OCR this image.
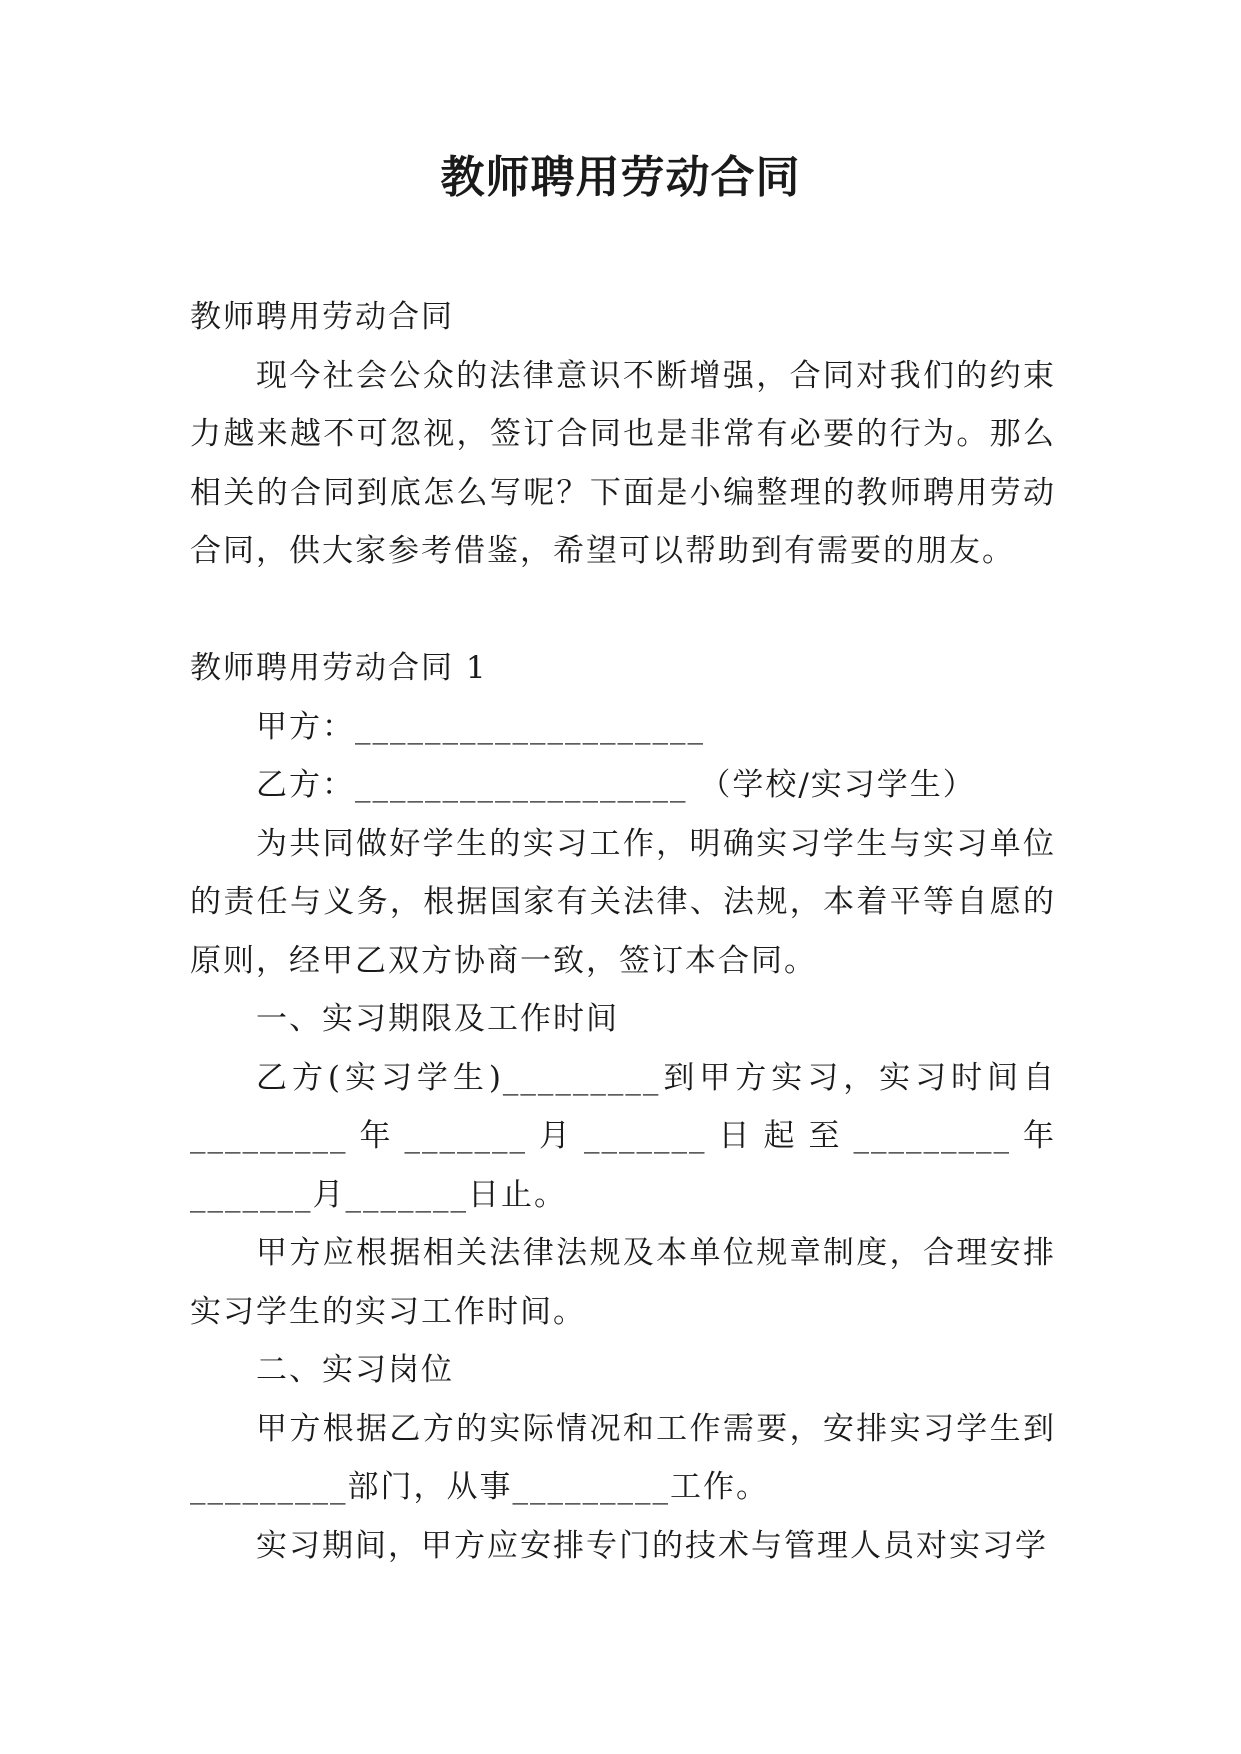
教师聘用劳动合同

教师聘用劳动合同

现今社会公众的法律意识不断增强，合同对我们的约束力越来越不可忽视，签订合同也是非常有必要的行为。那么相关的合同到底怎么写呢？下面是小编整理的教师聘用劳动合同，供大家参考借鉴，希望可以帮助到有需要的朋友。

教师聘用劳动合同 1

甲方：____________________

乙方：___________________ （学校/实习学生）

为共同做好学生的实习工作，明确实习学生与实习单位的责任与义务，根据国家有关法律、法规，本着平等自愿的原则，经甲乙双方协商一致，签订本合同。

一、实习期限及工作时间

乙方(实习学生)_________到甲方实习，实习时间自_________年_______月_______日起至_________年_______月_______日止。

甲方应根据相关法律法规及本单位规章制度，合理安排实习学生的实习工作时间。

二、实习岗位

甲方根据乙方的实际情况和工作需要，安排实习学生到_________部门，从事_________工作。

实习期间，甲方应安排专门的技术与管理人员对实习学
